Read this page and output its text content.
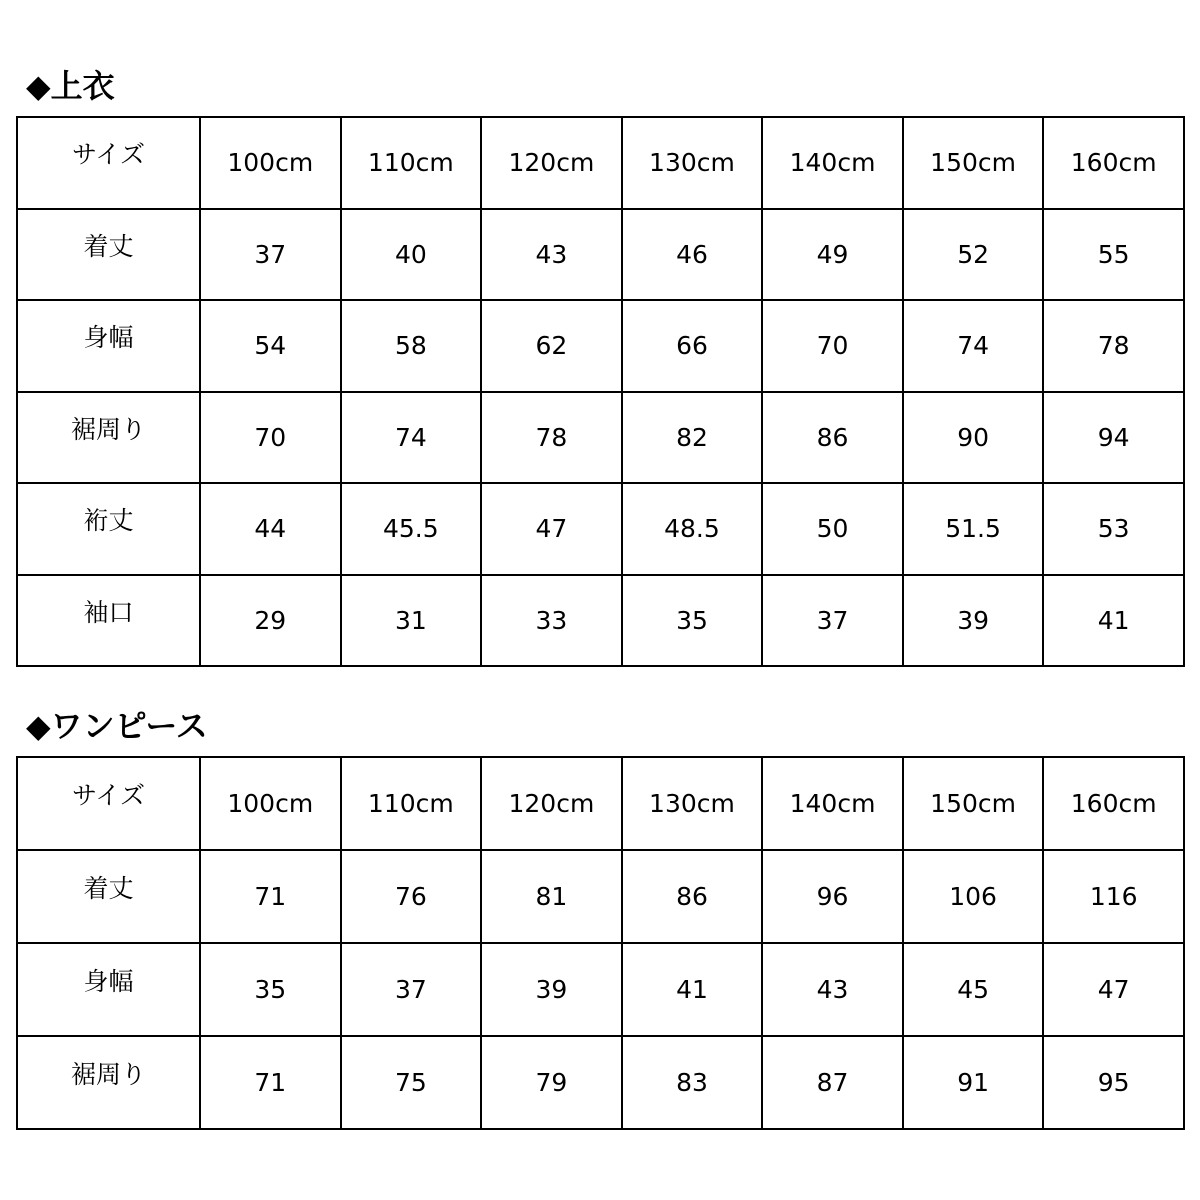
◆上衣
サイズ	100cm	110cm	120cm	130cm	140cm	150cm	160cm
着丈	37	40	43	46	49	52	55
身幅	54	58	62	66	70	74	78
裾周り	70	74	78	82	86	90	94
裄丈	44	45.5	47	48.5	50	51.5	53
袖口	29	31	33	35	37	39	41
◆ワンピース
サイズ	100cm	110cm	120cm	130cm	140cm	150cm	160cm
着丈	71	76	81	86	96	106	116
身幅	35	37	39	41	43	45	47
裾周り	71	75	79	83	87	91	95
